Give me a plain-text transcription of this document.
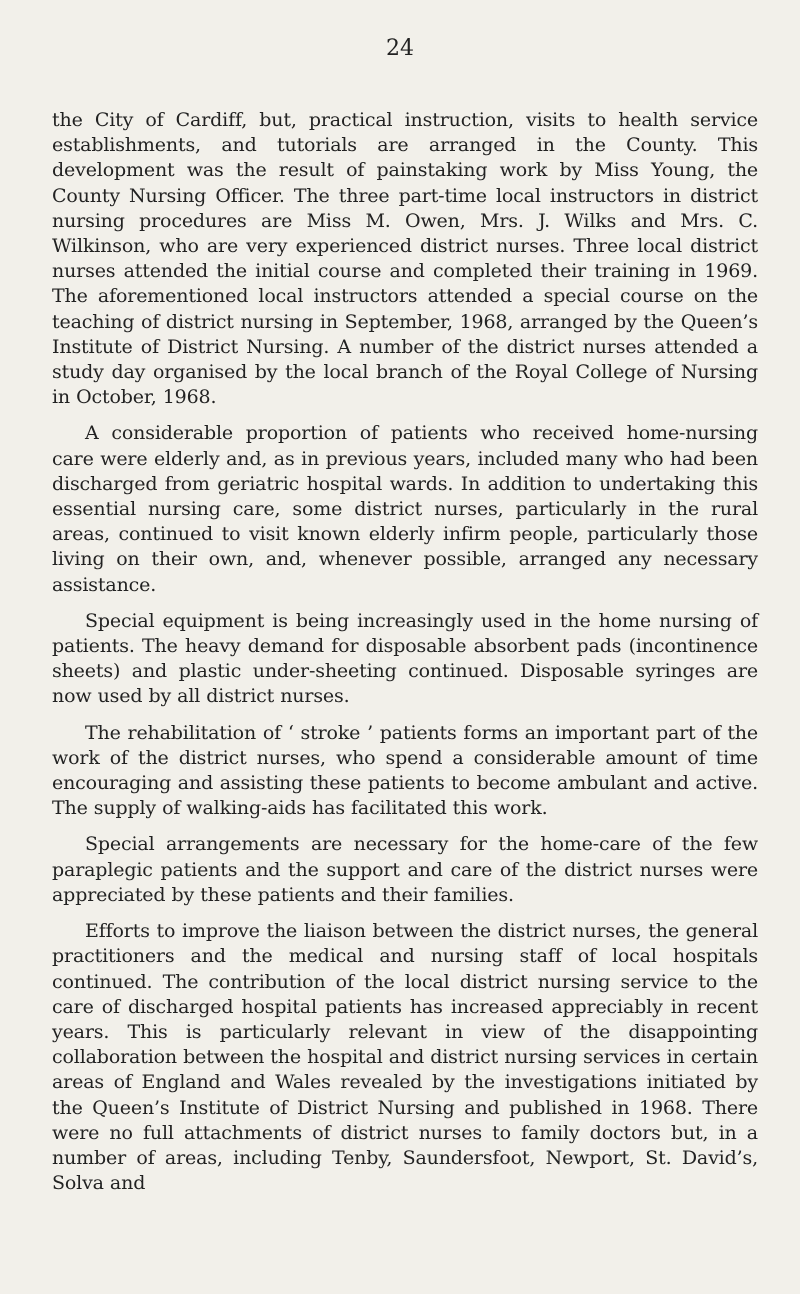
24

the City of Cardiff, but, practical instruction, visits to health service establishments, and tutorials are arranged in the County. This development was the result of painstaking work by Miss Young, the County Nursing Officer. The three part-time local instructors in district nursing procedures are Miss M. Owen, Mrs. J. Wilks and Mrs. C. Wilkinson, who are very experienced district nurses. Three local district nurses attended the initial course and completed their training in 1969. The aforementioned local instructors attended a special course on the teaching of district nursing in September, 1968, arranged by the Queen’s Institute of District Nursing. A number of the district nurses attended a study day organised by the local branch of the Royal College of Nursing in October, 1968.

A considerable proportion of patients who received home-nursing care were elderly and, as in previous years, included many who had been discharged from geriatric hospital wards. In addition to undertaking this essential nursing care, some district nurses, particularly in the rural areas, continued to visit known elderly infirm people, particularly those living on their own, and, whenever possible, arranged any necessary assistance.

Special equipment is being increasingly used in the home nursing of patients. The heavy demand for disposable absorbent pads (incontinence sheets) and plastic under-sheeting continued. Disposable syringes are now used by all district nurses.

The rehabilitation of ‘ stroke ’ patients forms an important part of the work of the district nurses, who spend a considerable amount of time encouraging and assisting these patients to become ambulant and active. The supply of walking-aids has facilitated this work.

Special arrangements are necessary for the home-care of the few paraplegic patients and the support and care of the district nurses were appreciated by these patients and their families.

Efforts to improve the liaison between the district nurses, the general practitioners and the medical and nursing staff of local hospitals continued. The contribution of the local district nursing service to the care of discharged hospital patients has increased appreciably in recent years. This is particularly relevant in view of the disappointing collaboration between the hospital and district nursing services in certain areas of England and Wales revealed by the investigations initiated by the Queen’s Institute of District Nursing and published in 1968. There were no full attachments of district nurses to family doctors but, in a number of areas, including Tenby, Saundersfoot, Newport, St. David’s, Solva and
